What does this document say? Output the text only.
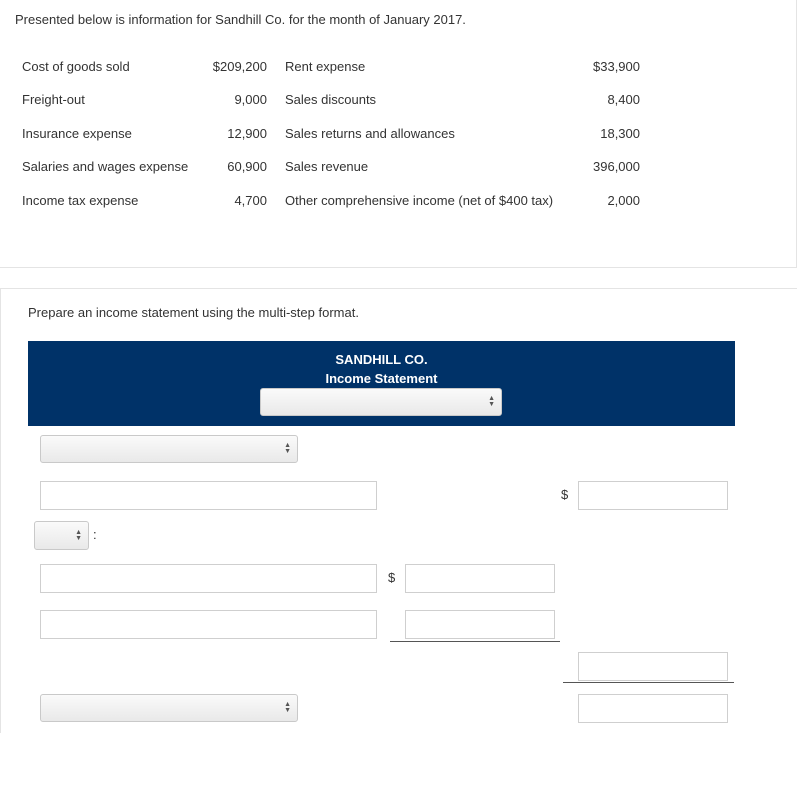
Presented below is information for Sandhill Co. for the month of January 2017.
Cost of goods sold
Freight-out
Insurance expense
Salaries and wages expense
Income tax expense
$209,200
9,000
12,900
60,900
4,700
Rent expense
Sales discounts
Sales returns and allowances
Sales revenue
Other comprehensive income (net of $400 tax)
$33,900
8,400
18,300
396,000
2,000
Prepare an income statement using the multi-step format.
SANDHILL CO.
Income Statement
▲
▼
▲
▼
$
▲
▼ :
$
▲
▼
